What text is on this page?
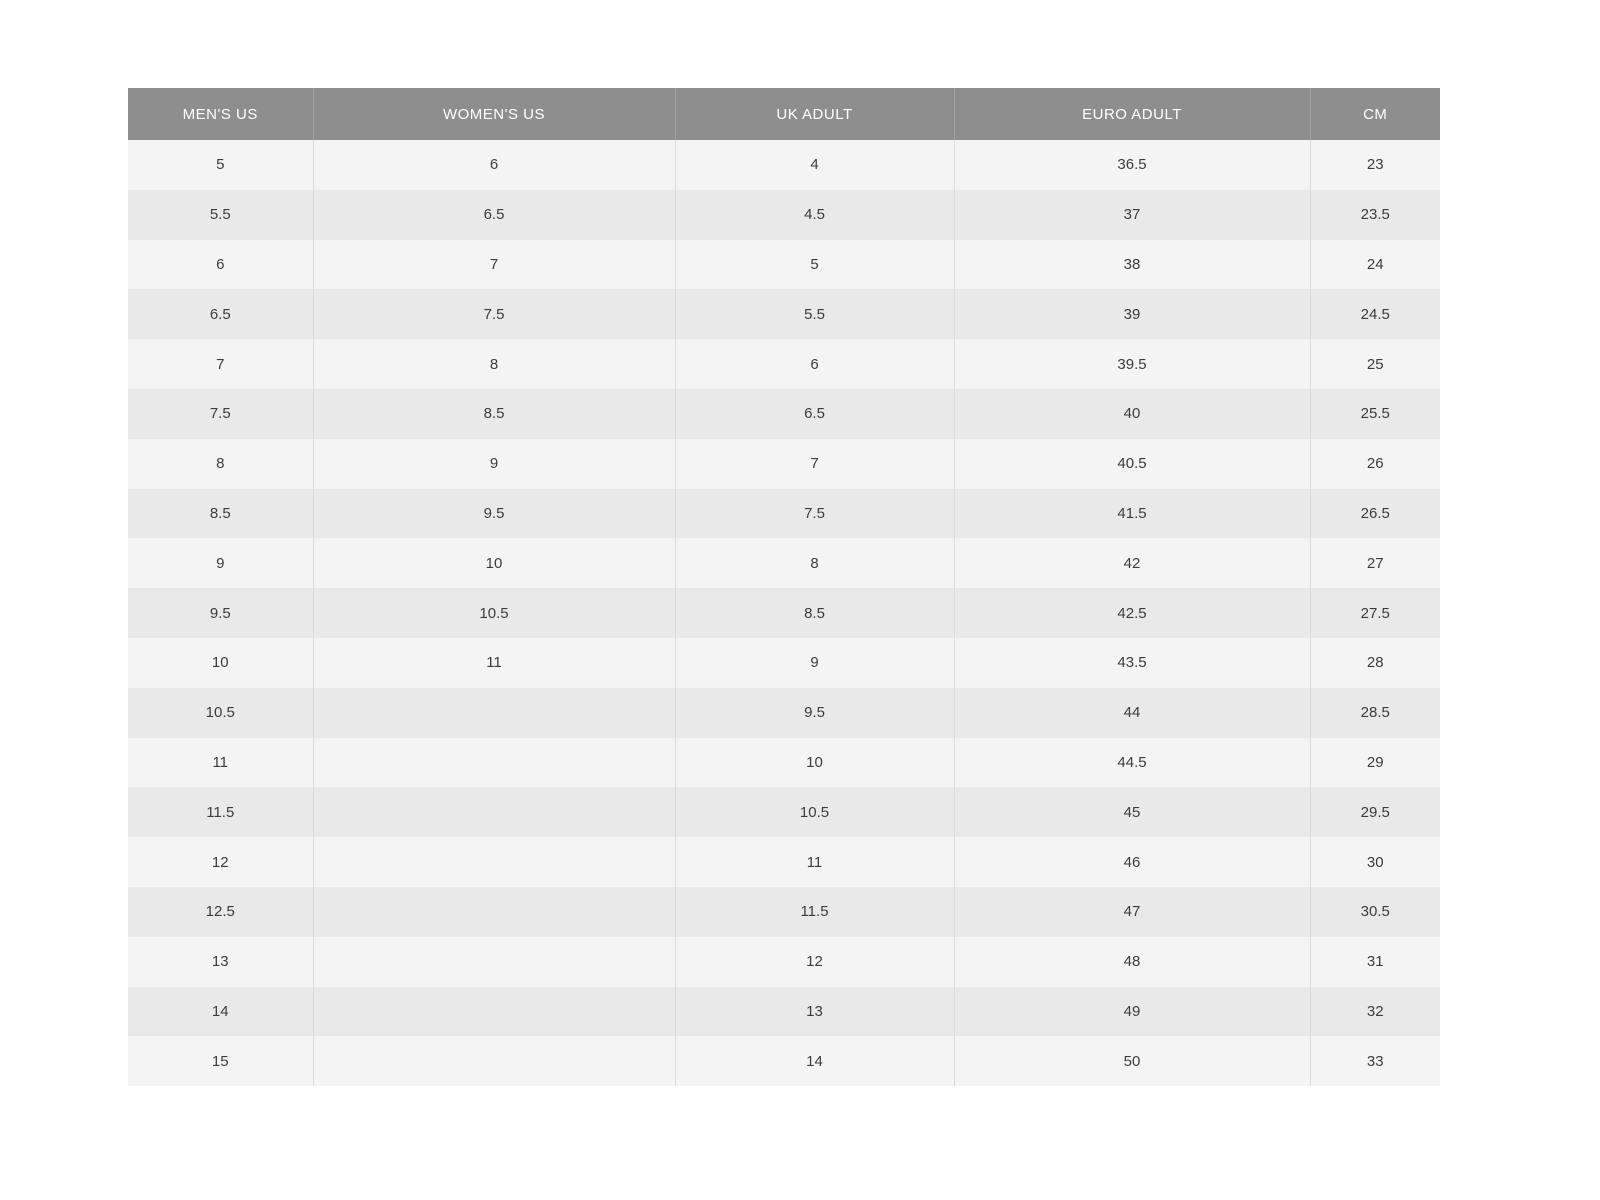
MEN'S US	WOMEN'S US	UK ADULT	EURO ADULT	CM
5	6	4	36.5	23
5.5	6.5	4.5	37	23.5
6	7	5	38	24
6.5	7.5	5.5	39	24.5
7	8	6	39.5	25
7.5	8.5	6.5	40	25.5
8	9	7	40.5	26
8.5	9.5	7.5	41.5	26.5
9	10	8	42	27
9.5	10.5	8.5	42.5	27.5
10	11	9	43.5	28
10.5		9.5	44	28.5
11		10	44.5	29
11.5		10.5	45	29.5
12		11	46	30
12.5		11.5	47	30.5
13		12	48	31
14		13	49	32
15		14	50	33
